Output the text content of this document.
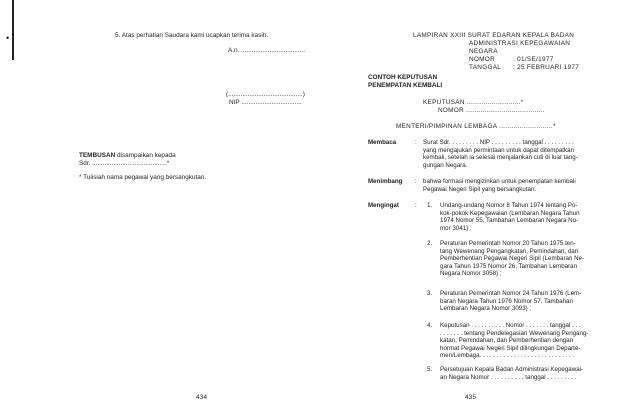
•	5. Atas perhatian Saudara kami ucapkan terima kasih.
A.n. ....................................
(..........................................)
NIP ..................................
TEMBUSAN disampaikan kepada
Sdr. ..........................................*
* Tulisiah nama pegawai yang bersangkutan.
434
LAMPIRAN XXIII SURAT EDARAN KEPALA BADAN
ADMINISTRASI KEPEGAWAIAN
NEGARA
NOMOR	: 01/SE/1977
TANGGAL : 25 FEBRUARI 1977
CONTOH KEPUTUSAN
PENEMPATAN KEMBALI
KEPUTUSAN ..........................*
NOMOR ......................................
MENTERI/PIMPINAN LEMBAGA ..........................*
Membaca	: Surat Sdr. . . . . . . . . NIP . . . . . . . . . tanggal . . . . . . . . .
yang mengajukan permintaan untuk dapat ditempatkan
kembali, setelah ia selesai menjalankan cuti di luar tang-
gungan Negara.
Menimbang : bahwa formasi mengizinkan untuk penempatan kembali
Pegawai Negeri Sipil yang bersangkutan.
Mengingat	: 1. Undang-undang Nomor 8 Tahun 1974 tentang Po-
kok-pokok Kepegawaian (Lembaran Negara Tahun
1974 Nomor 55, Tambahan Lembaran Negara No-
mor 3041) ;
2. Peraturan Pemerintah Nomor 20 Tahun 1975 ten-
tang Wewenang Pengangkatan, Pemindahan, dan
Pemberhentian Pegawai Negeri Sipil (Lembaran Ne-
gara Tahun 1975 Nomor 26, Tambahan Lembaran
Negara Nomor 3058) ;
3. Peraturan Pemerintah Nomor 24 Tahun 1976 (Lem-
baran Negara Tahun 1976 Nomor 57, Tambahan
Lembaran Negara Nomor 3093) ;
4. Keputusan . . . . . . . . . . Nomor . . . . . . . tanggal . . .
. . . . . . . tentang Pendelegasian Wewenang Pengang-
katan, Pemindahan, dan Pemberhentian dengan
hormat Pegawai Negeri Sipil dilingkungan Departe-
men/Lembaga. . . . . . . . . . . . . . . . . . . . . . . . . . . .
5. Persetujuan Kepala Badan Administrasi Kepegawai-
an Negara Nomor . . . . . . . . . . tanggal . . . . . . . . .
435
